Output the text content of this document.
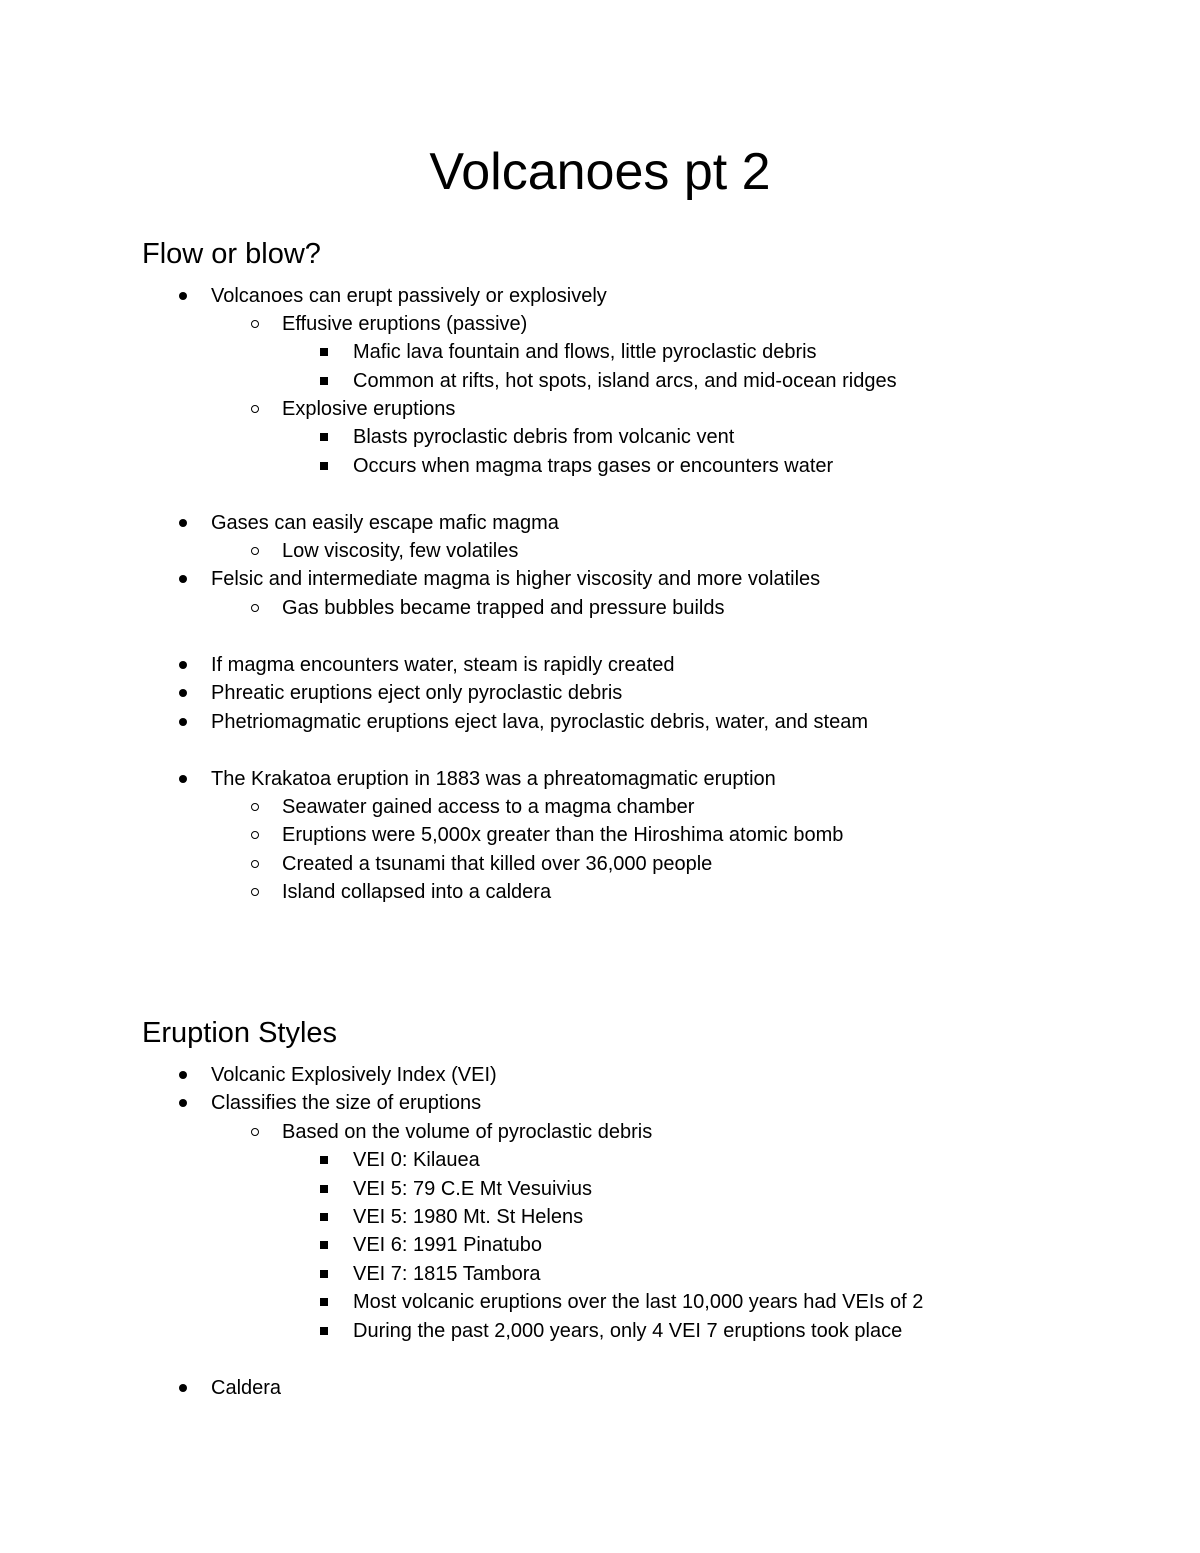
Volcanoes pt 2
Flow or blow?
Volcanoes can erupt passively or explosively
Effusive eruptions (passive)
Mafic lava fountain and flows, little pyroclastic debris
Common at rifts, hot spots, island arcs, and mid-ocean ridges
Explosive eruptions
Blasts pyroclastic debris from volcanic vent
Occurs when magma traps gases or encounters water
Gases can easily escape mafic magma
Low viscosity, few volatiles
Felsic and intermediate magma is higher viscosity and more volatiles
Gas bubbles became trapped and pressure builds
If magma encounters water, steam is rapidly created
Phreatic eruptions eject only pyroclastic debris
Phetriomagmatic eruptions eject lava, pyroclastic debris, water, and steam
The Krakatoa eruption in 1883 was a phreatomagmatic eruption
Seawater gained access to a magma chamber
Eruptions were 5,000x greater than the Hiroshima atomic bomb
Created a tsunami that killed over 36,000 people
Island collapsed into a caldera
Eruption Styles
Volcanic Explosively Index (VEI)
Classifies the size of eruptions
Based on the volume of pyroclastic debris
VEI 0: Kilauea
VEI 5: 79 C.E Mt Vesuivius
VEI 5: 1980 Mt. St Helens
VEI 6: 1991 Pinatubo
VEI 7: 1815 Tambora
Most volcanic eruptions over the last 10,000 years had VEIs of 2
During the past 2,000 years, only 4 VEI 7 eruptions took place
Caldera
